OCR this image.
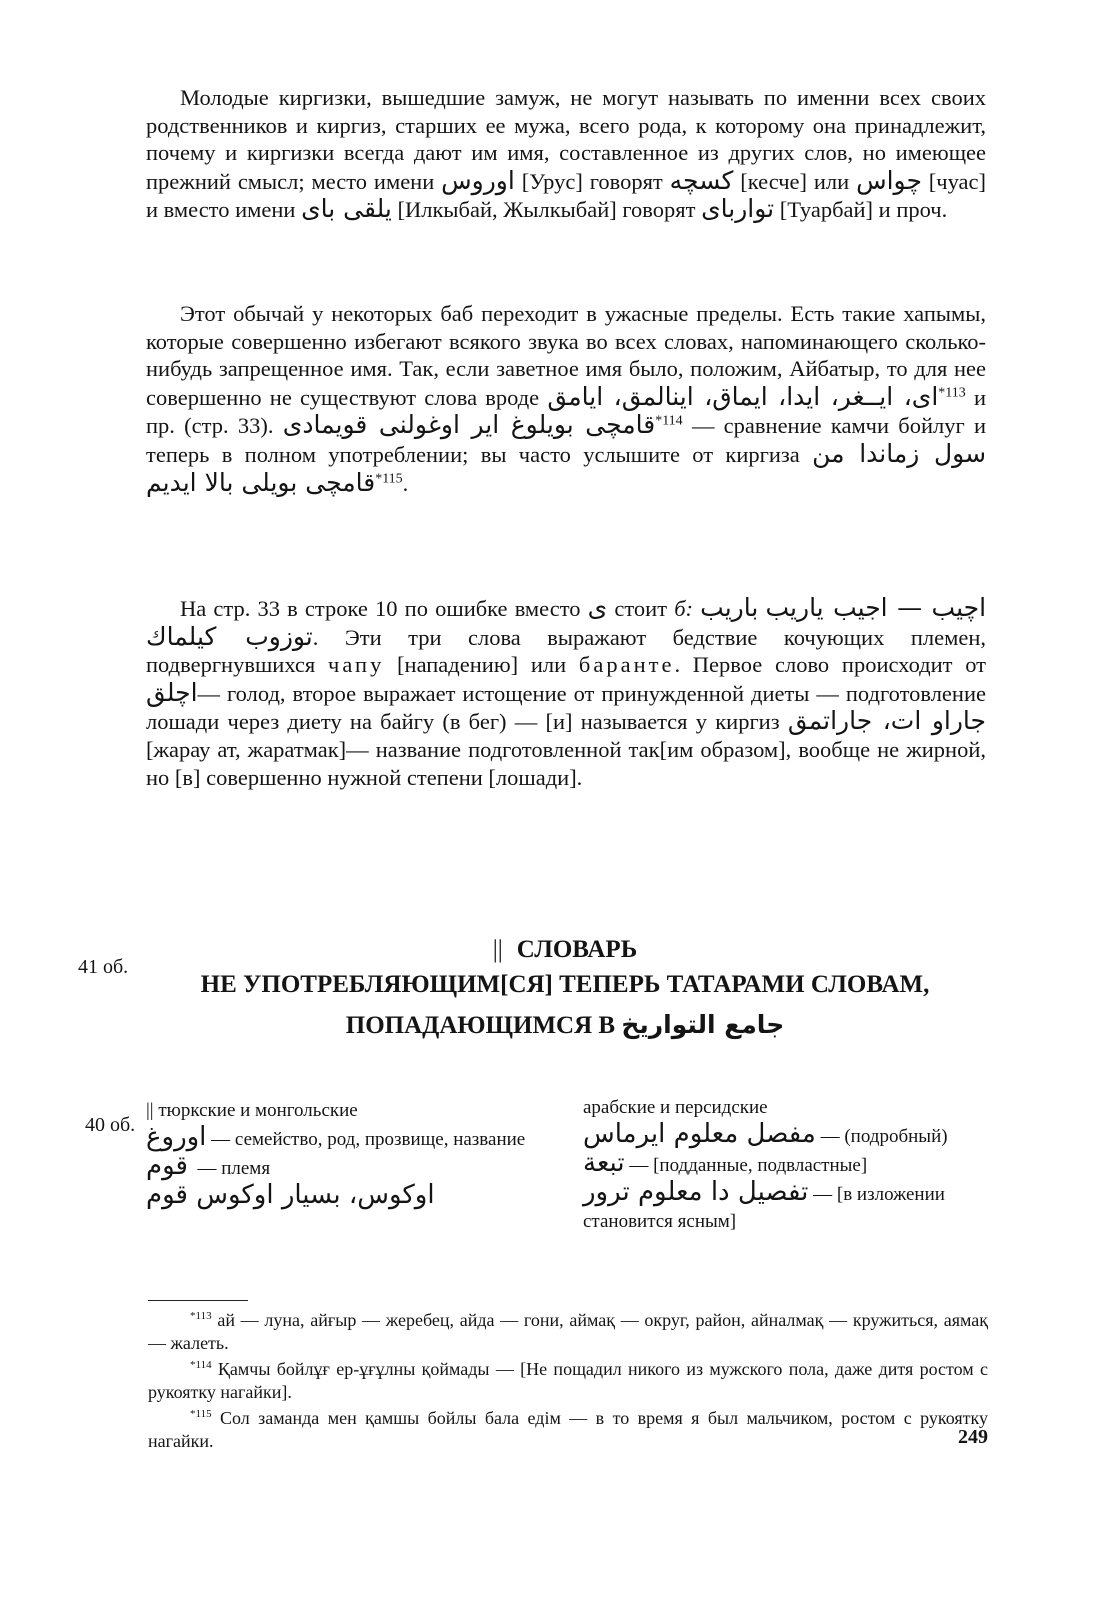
Молодые киргизки, вышедшие замуж, не могут называть по именни всех своих родственников и киргиз, старших ее мужа, всего рода, к которому она принадлежит, почему и киргизки всегда дают им имя, составленное из других слов, но имеющее прежний смысл; место имени اوروس [Урус] говорят كسچه [кесче] или چواس [чуас] и вместо имени يلقى باى [Илкыбай, Жылкыбай] говорят توارباى [Туарбай] и проч.

Этот обычай у некоторых баб переходит в ужасные пределы. Есть такие хапымы, которые совершенно избегают всякого звука во всех словах, напоминающего сколько-нибудь запрещенное имя. Так, если заветное имя было, положим, Айбатыр, то для нее совершенно не существуют слова вроде اى، ايــغر، ايدا، ايماق، اينالمق، ايامق$^{*113}$ и пр. (стр. 33). قامچى بويلوغ اير اوغولنى قويمادى$^{*114}$ — сравнение камчи бойлуг и теперь в полном употреблении; вы часто услышите от киргиза سول زماندا من قامچى بويلى بالا ايديم$^{*115}$.

На стр. 33 в строке 10 по ошибке вместо ى стоит б: باريب اچيب — اجيب ياريب توزوب كيلماك. Эти три слова выражают бедствие кочующих племен, подвергнувшихся чапу [нападению] или баранте. Первое слово происходит от اچلق— голод, второе выражает истощение от принужденной диеты — подготовление лошади через диету на байгу (в бег) — [и] называется у киргиз جاراو ات، جاراتمق [жарау ат, жаратмак]— название подготовленной так[им образом], вообще не жирной, но [в] совершенно нужной степени [лошади].

41 об.
|| СЛОВАРЬ
НЕ УПОТРЕБЛЯЮЩИМ[СЯ] ТЕПЕРЬ ТАТАРАМИ СЛОВАМ,
ПОПАДАЮЩИМСЯ В جامع التواريخ
40 об.
|| тюркские и монгольские

اوروغ — семейство, род, прозвище, название

قوم — племя

اوكوس، بسيار اوكوس قوم

арабские и персидские

مفصل معلوم ايرماس — (подробный)

تبعة — [подданные, подвластные]

تفصيل دا معلوم ترور — [в изложении становится ясным]

$^{*113}$ ай — луна, айғыр — жеребец, айда — гони, аймақ — округ, район, айналмақ — кружиться, аямақ — жалеть.

$^{*114}$ Қамчы бойлұғ ер-ұғұлны қоймады — [Не пощадил никого из мужского пола, даже дитя ростом с рукоятку нагайки].

$^{*115}$ Сол заманда мен қамшы бойлы бала едім — в то время я был мальчиком, ростом с рукоятку нагайки.	249
